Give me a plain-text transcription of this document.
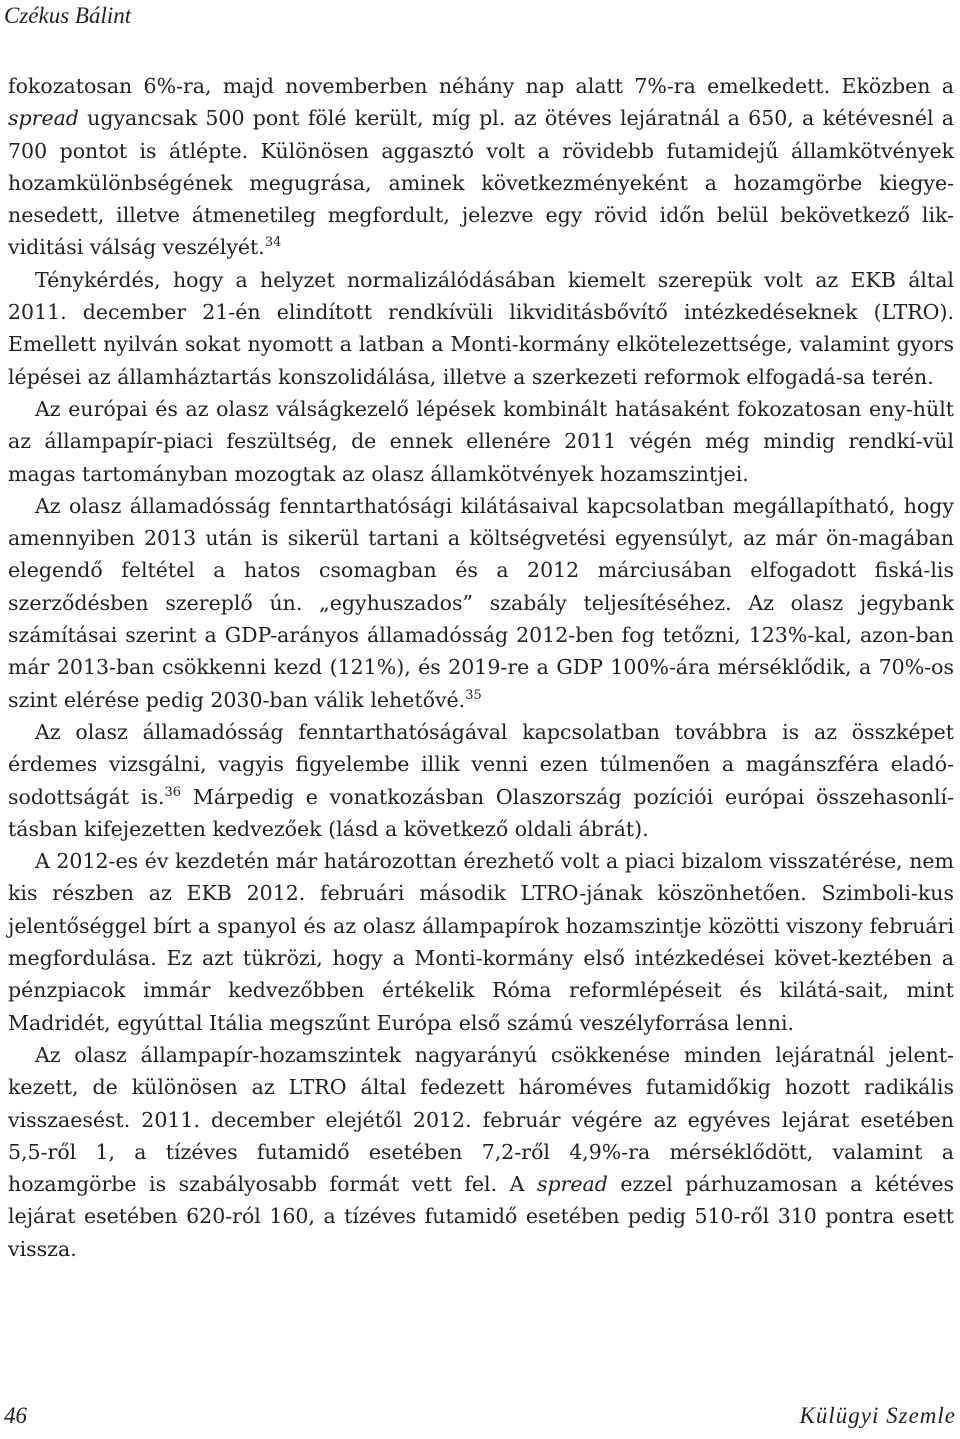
Czékus Bálint

fokozatosan 6%-ra, majd novemberben néhány nap alatt 7%-ra emelkedett. Eközben a spread ugyancsak 500 pont fölé került, míg pl. az ötéves lejáratnál a 650, a kétévesnél a 700 pontot is átlépte. Különösen aggasztó volt a rövidebb futamidejű államkötvények hozamkülönbségének megugrása, aminek következményeként a hozamgörbe kiegye-nesedett, illetve átmenetileg megfordult, jelezve egy rövid időn belül bekövetkező lik-viditási válság veszélyét.$^{34}$

Ténykérdés, hogy a helyzet normalizálódásában kiemelt szerepük volt az EKB által 2011. december 21-én elindított rendkívüli likviditásbővítő intézkedéseknek (LTRO). Emellett nyilván sokat nyomott a latban a Monti-kormány elkötelezettsége, valamint gyors lépései az államháztartás konszolidálása, illetve a szerkezeti reformok elfogadá-sa terén.

Az európai és az olasz válságkezelő lépések kombinált hatásaként fokozatosan eny-hült az állampapír-piaci feszültség, de ennek ellenére 2011 végén még mindig rendkí-vül magas tartományban mozogtak az olasz államkötvények hozamszintjei.

Az olasz államadósság fenntarthatósági kilátásaival kapcsolatban megállapítható, hogy amennyiben 2013 után is sikerül tartani a költségvetési egyensúlyt, az már ön-magában elegendő feltétel a hatos csomagban és a 2012 márciusában elfogadott fiská-lis szerződésben szereplő ún. „egyhuszados” szabály teljesítéséhez. Az olasz jegybank számításai szerint a GDP-arányos államadósság 2012-ben fog tetőzni, 123%-kal, azon-ban már 2013-ban csökkenni kezd (121%), és 2019-re a GDP 100%-ára mérséklődik, a 70%-os szint elérése pedig 2030-ban válik lehetővé.$^{35}$

Az olasz államadósság fenntarthatóságával kapcsolatban továbbra is az összképet érdemes vizsgálni, vagyis figyelembe illik venni ezen túlmenően a magánszféra eladó-sodottságát is.$^{36}$ Márpedig e vonatkozásban Olaszország pozíciói európai összehasonlí-tásban kifejezetten kedvezőek (lásd a következő oldali ábrát).

A 2012-es év kezdetén már határozottan érezhető volt a piaci bizalom visszatérése, nem kis részben az EKB 2012. februári második LTRO-jának köszönhetően. Szimboli-kus jelentőséggel bírt a spanyol és az olasz állampapírok hozamszintje közötti viszony februári megfordulása. Ez azt tükrözi, hogy a Monti-kormány első intézkedései követ-keztében a pénzpiacok immár kedvezőbben értékelik Róma reformlépéseit és kilátá-sait, mint Madridét, egyúttal Itália megszűnt Európa első számú veszélyforrása lenni.

Az olasz állampapír-hozamszintek nagyarányú csökkenése minden lejáratnál jelent-kezett, de különösen az LTRO által fedezett hároméves futamidőkig hozott radikális visszaesést. 2011. december elejétől 2012. február végére az egyéves lejárat esetében 5,5-ről 1, a tízéves futamidő esetében 7,2-ről 4,9%-ra mérséklődött, valamint a hozamgörbe is szabályosabb formát vett fel. A spread ezzel párhuzamosan a kétéves lejárat esetében 620-ról 160, a tízéves futamidő esetében pedig 510-ről 310 pontra esett vissza.

46	Külügyi Szemle
